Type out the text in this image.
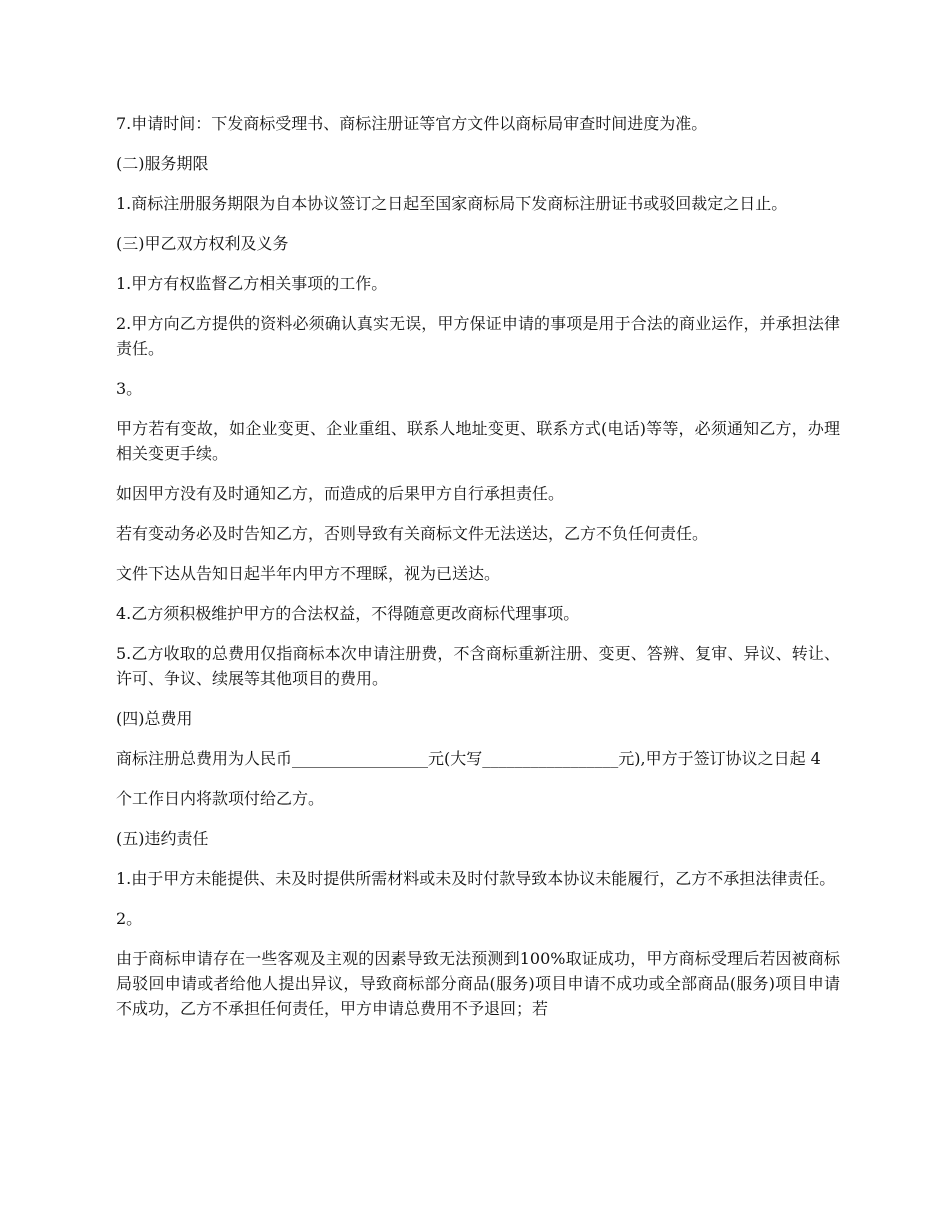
7.申请时间：下发商标受理书、商标注册证等官方文件以商标局审查时间进度为准。

(二)服务期限

1.商标注册服务期限为自本协议签订之日起至国家商标局下发商标注册证书或驳回裁定之日止。

(三)甲乙双方权利及义务

1.甲方有权监督乙方相关事项的工作。

2.甲方向乙方提供的资料必须确认真实无误，甲方保证申请的事项是用于合法的商业运作，并承担法律责任。

3。

甲方若有变故，如企业变更、企业重组、联系人地址变更、联系方式(电话)等等，必须通知乙方，办理相关变更手续。

如因甲方没有及时通知乙方，而造成的后果甲方自行承担责任。

若有变动务必及时告知乙方，否则导致有关商标文件无法送达，乙方不负任何责任。

文件下达从告知日起半年内甲方不理睬，视为已送达。

4.乙方须积极维护甲方的合法权益，不得随意更改商标代理事项。

5.乙方收取的总费用仅指商标本次申请注册费，不含商标重新注册、变更、答辨、复审、异议、转让、许可、争议、续展等其他项目的费用。

(四)总费用

商标注册总费用为人民币_________________元(大写_________________元),甲方于签订协议之日起 4

个工作日内将款项付给乙方。

(五)违约责任

1.由于甲方未能提供、未及时提供所需材料或未及时付款导致本协议未能履行，乙方不承担法律责任。

2。

由于商标申请存在一些客观及主观的因素导致无法预测到100%取证成功，甲方商标受理后若因被商标局驳回申请或者给他人提出异议，导致商标部分商品(服务)项目申请不成功或全部商品(服务)项目申请不成功，乙方不承担任何责任，甲方申请总费用不予退回；若
